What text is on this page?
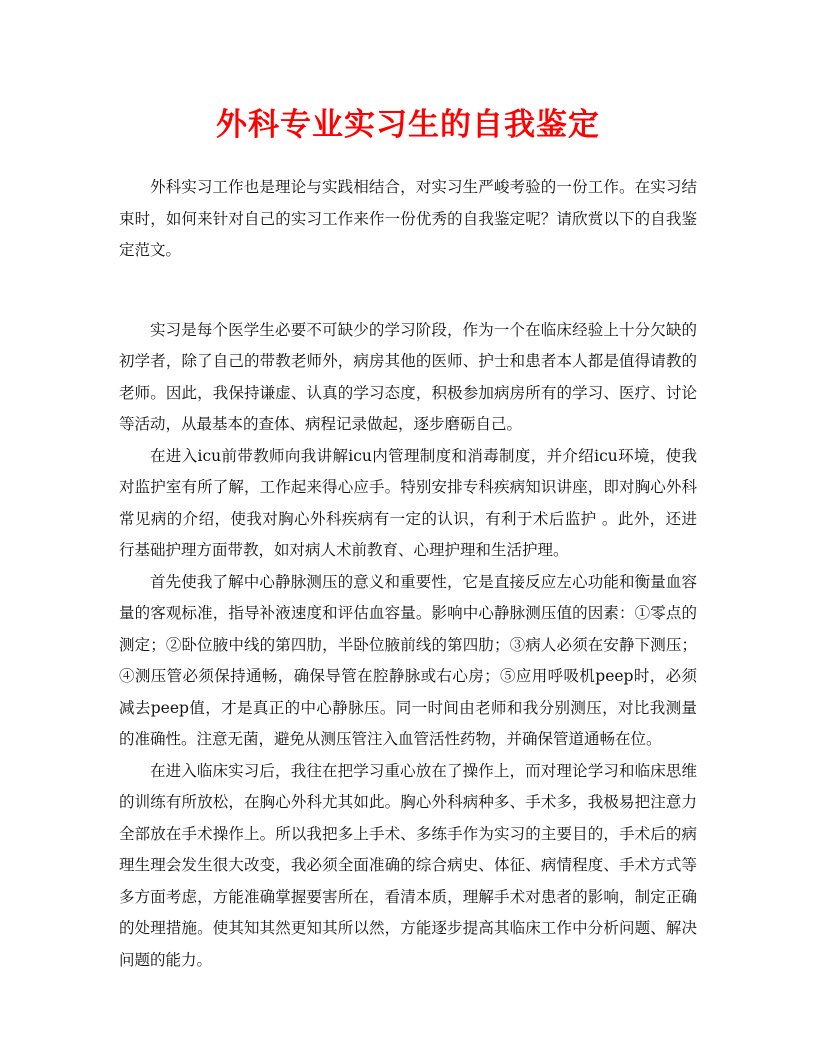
外科专业实习生的自我鉴定

外科实习工作也是理论与实践相结合，对实习生严峻考验的一份工作。在实习结束时，如何来针对自己的实习工作来作一份优秀的自我鉴定呢？请欣赏以下的自我鉴定范文。

实习是每个医学生必要不可缺少的学习阶段，作为一个在临床经验上十分欠缺的初学者，除了自己的带教老师外，病房其他的医师、护士和患者本人都是值得请教的老师。因此，我保持谦虚、认真的学习态度，积极参加病房所有的学习、医疗、讨论等活动，从最基本的查体、病程记录做起，逐步磨砺自己。

在进入icu前带教师向我讲解icu内管理制度和消毒制度，并介绍icu环境，使我对监护室有所了解，工作起来得心应手。特别安排专科疾病知识讲座，即对胸心外科常见病的介绍，使我对胸心外科疾病有一定的认识，有利于术后监护 。此外，还进行基础护理方面带教，如对病人术前教育、心理护理和生活护理。

首先使我了解中心静脉测压的意义和重要性，它是直接反应左心功能和衡量血容量的客观标准，指导补液速度和评估血容量。影响中心静脉测压值的因素：①零点的测定；②卧位腋中线的第四肋，半卧位腋前线的第四肋；③病人必须在安静下测压；④测压管必须保持通畅，确保导管在腔静脉或右心房；⑤应用呼吸机peep时，必须减去peep值，才是真正的中心静脉压。同一时间由老师和我分别测压，对比我测量的准确性。注意无菌，避免从测压管注入血管活性药物，并确保管道通畅在位。

在进入临床实习后，我往在把学习重心放在了操作上，而对理论学习和临床思维的训练有所放松，在胸心外科尤其如此。胸心外科病种多、手术多，我极易把注意力全部放在手术操作上。所以我把多上手术、多练手作为实习的主要目的，手术后的病理生理会发生很大改变，我必须全面准确的综合病史、体征、病情程度、手术方式等多方面考虑，方能准确掌握要害所在，看清本质，理解手术对患者的影响，制定正确的处理措施。使其知其然更知其所以然，方能逐步提高其临床工作中分析问题、解决问题的能力。
